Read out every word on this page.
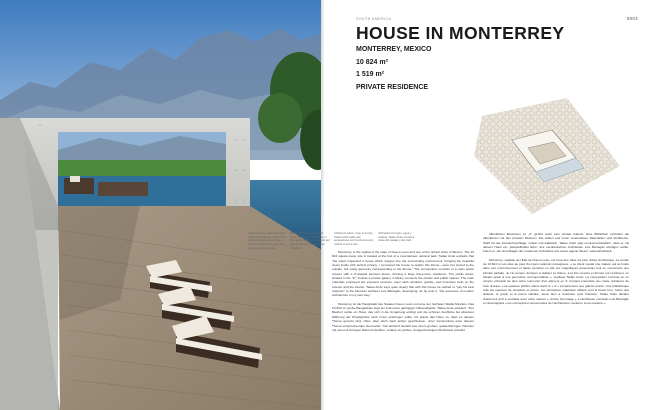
0004
SOUTH AMERICA
HOUSE IN MONTERREY
MONTERREY, MEXICO
10 824 m²
1 519 m²
PRIVATE RESIDENCE
Long concrete, water and wood. Tadao Ando frames views of the natural setting and sky, like a frame of canvas; an open sky in the city during pictures.
Mit Beton, Wasser und Holz rahmt Tadao Ando Ausblicke in die natürliche Umgebung und auf offenen Himmel wie auf einer Leinwand.
Utilisant le béton, l'eau et le bois, Tadao Ando cadre des perspectives sur l'environnement naturel et sur le ciel.
Utilizando hormigón, agua y madera, Tadao Ando enmarca vistas del paisaje y del cielo.

Monterrey is the capital of the state of Nuevo León and one of the richest cities of Mexico. The 10 824 square-meter site is located at the foot of a mountainous national park. Tadao Ando explains that "the client requested a house which merges into the surrounding environment, bringing the beautiful views inside with perfect privacy. I conceived the house to realize this theme—open but closed to the outside, but using geometry corresponding to the theme." The composition consists of a main space volume with a Z-shaped element above, forming a large three-story residence. The public areas, located in the "Z," include a private gallery. A library connects the private and public spaces. The main materials employed are exposed concrete, steel sash windows, granite, and limestone both on the exterior and the interior. Tadao Ando says quite clearly that with this house he wished to "pay his best respects" to the Mexican architect Luis Barragán, developing, as he puts it, "the essences of modern architecture in my own way."

Monterrey ist die Hauptstadt des Staates Nuevo León und eine der reichsten Städte Mexikos. Das 10 824 m² große Baugelände liegt am Fuß eines gebirgigen Nationalparks. Tadao Ando erläutert: "Der Bauherr wollte ein Haus, das sich in die Umgebung einfügt und die schönen Ausblicke bei absoluter Wahrung der Privatsphäre nach innen einbringen sollte. Ich plante das Haus so, dass es diesem Thema gerecht wird, offen, aber doch nach außen geschlossen, unter Verwendung einer diesem Thema entsprechenden Geometrie." Der Entwurf besteht aus einem großen, quaderförmigen Volumen mit einem Z-förmigen Element darüber, sodass ein großes, dreigeschossiges Wohnhaus entsteht.

öffentlichen Bereichen im „Z“ gehört auch eine private Galerie. Eine Bibliothek verbindet die öffentlichen mit den privaten Räumen. Die außen und innen verwendeten Materialien sind Sichtbeton, Stahl für die Fensterbeschläge, Granit und Kalkstein. Tadao Ando sagt unmissverständlich, dass er mit diesem Haus ein „beispielhaftes Erbe“ des mexikanischen Architekten Luis Barragán würdigen wollte, indem er „die Grundlagen der modernen Architektur auf meine eigene Weise“ weiterentwickelt.

Monterrey, capitale de l'État de Nuevo León, est l'une des villes les plus riches du Mexique. Le terrain de 10 824 m² est situé au pied d'un parc national montagneux. « Le client voulait une maison qui se fonde dans son environnement et laisse pénétrer en elle les magnifiques panoramas tout en conservant une intimité parfaite. Je l'ai conçue de façon à réaliser ce thème, à la fois ouverte et fermée sur l'extérieur, en faisant appel à une géométrie correspondante », explique Tadao Ando. La composition consiste en un volume principal de plan carré surmonté d'un élément en Z, formant ensemble une vaste résidence de trois niveaux. Les espaces publics situés dans le « Z » comprennent une galerie privée. Une bibliothèque relie les espaces de réception et privés. Les principaux matériaux utilisés sont le béton brut, l'acier des châssis, le granit et la pierre calcaire, aussi bien à l'extérieur qu'à l'intérieur. Tadao Ando déclare clairement qu'il a souhaité avec cette maison « rendre hommage » à l'architecte mexicain Luis Barragán en développant « les conceptions personnelles de l'architecture moderne à ma manière ».
